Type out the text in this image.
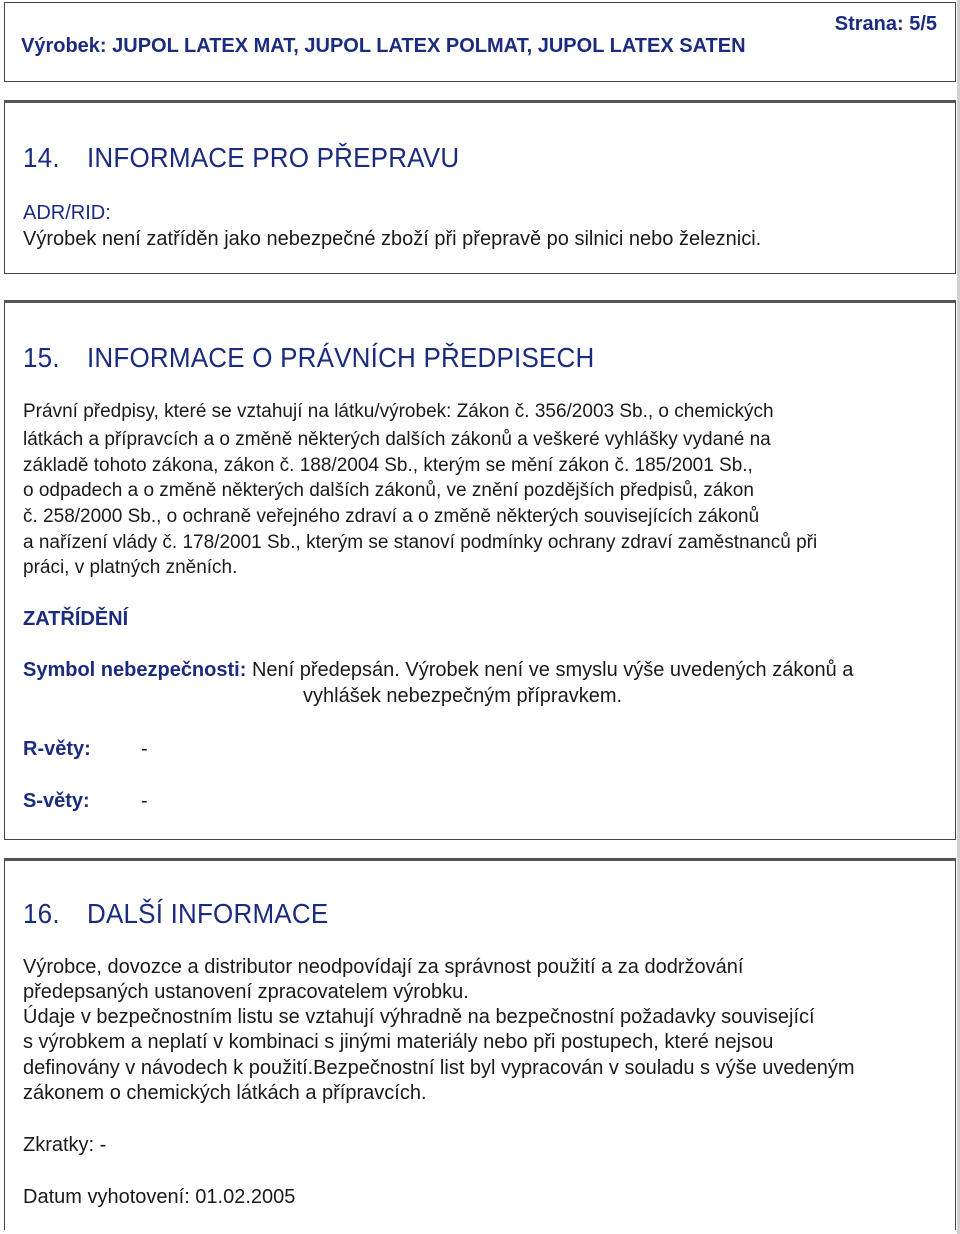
Strana: 5/5
Výrobek: JUPOL LATEX MAT, JUPOL LATEX POLMAT, JUPOL LATEX SATEN
14. INFORMACE PRO PŘEPRAVU
ADR/RID:
Výrobek není zatříděn jako nebezpečné zboží při přepravě po silnici nebo železnici.
15. INFORMACE O PRÁVNÍCH PŘEDPISECH
Právní předpisy, které se vztahují na látku/výrobek: Zákon č. 356/2003 Sb., o chemických
látkách a přípravcích a o změně některých dalších zákonů a veškeré vyhlášky vydané na
základě tohoto zákona, zákon č. 188/2004 Sb., kterým se mění zákon č. 185/2001 Sb.,
o odpadech a o změně některých dalších zákonů, ve znění pozdějších předpisů, zákon
č. 258/2000 Sb., o ochraně veřejného zdraví a o změně některých souvisejících zákonů
a nařízení vlády č. 178/2001 Sb., kterým se stanoví podmínky ochrany zdraví zaměstnanců při
práci, v platných zněních.
ZATŘÍDĚNÍ
Symbol nebezpečnosti: Není předepsán. Výrobek není ve smyslu výše uvedených zákonů a
vyhlášek nebezpečným přípravkem.
R-věty:	-
S-věty:	-
16. DALŠÍ INFORMACE
Výrobce, dovozce a distributor neodpovídají za správnost použití a za dodržování
předepsaných ustanovení zpracovatelem výrobku.
Údaje v bezpečnostním listu se vztahují výhradně na bezpečnostní požadavky související
s výrobkem a neplatí v kombinaci s jinými materiály nebo při postupech, které nejsou
definovány v návodech k použití.Bezpečnostní list byl vypracován v souladu s výše uvedeným
zákonem o chemických látkách a přípravcích.
Zkratky: -
Datum vyhotovení: 01.02.2005
